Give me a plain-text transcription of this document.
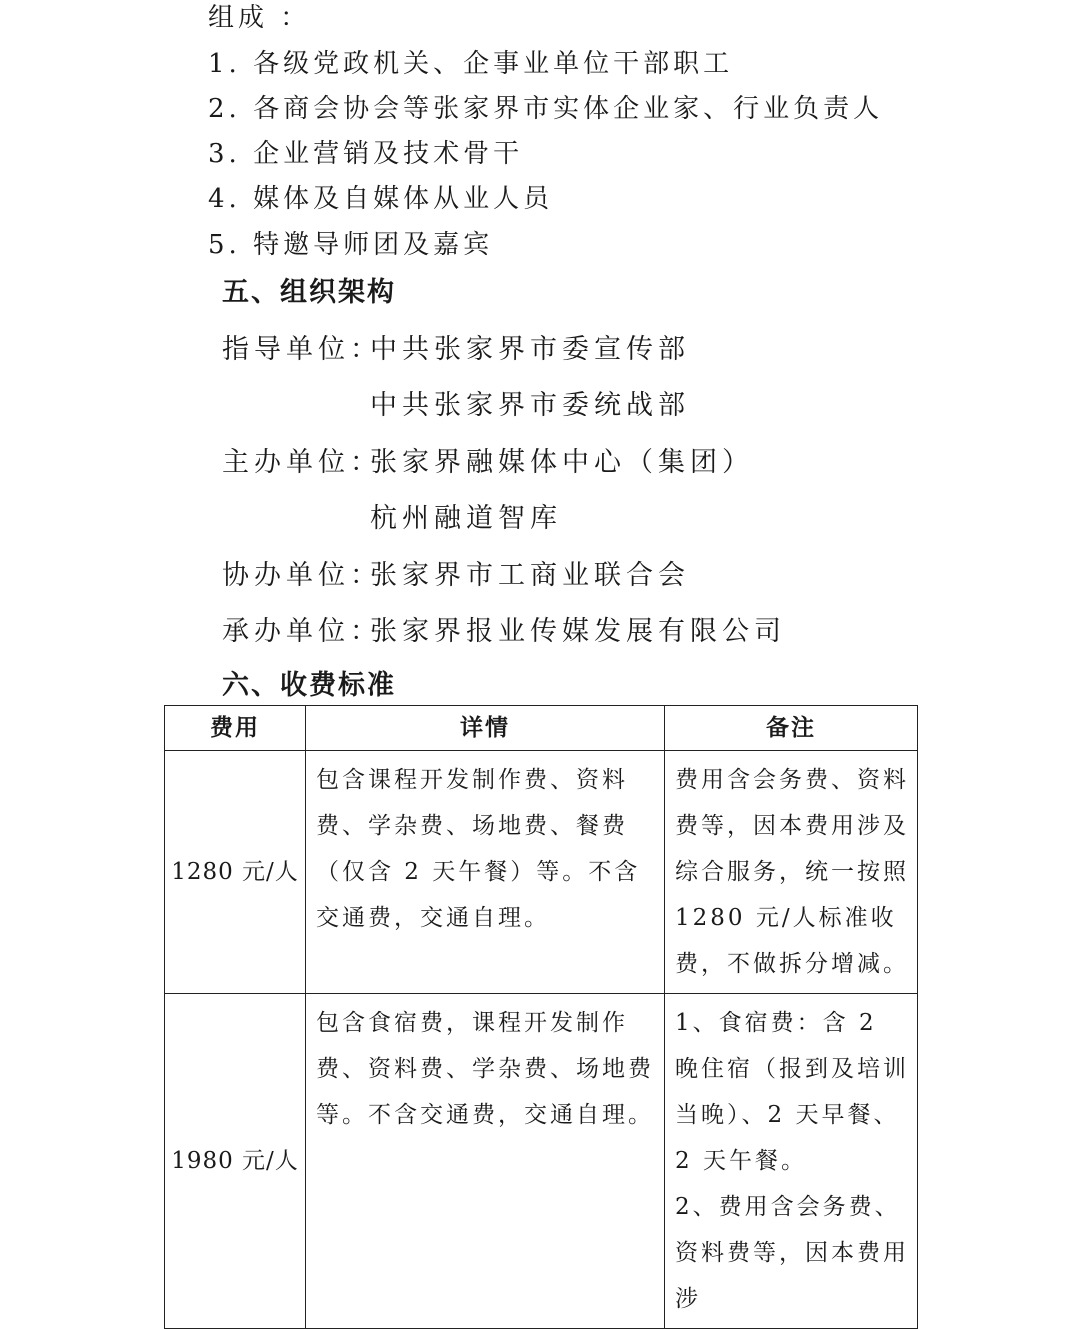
组成 ：
1. 各级党政机关、企事业单位干部职工
2. 各商会协会等张家界市实体企业家、行业负责人
3. 企业营销及技术骨干
4. 媒体及自媒体从业人员
5. 特邀导师团及嘉宾
五、组织架构
指导单位：中共张家界市委宣传部
中共张家界市委统战部
主办单位：张家界融媒体中心（集团）
杭州融道智库
协办单位：张家界市工商业联合会
承办单位：张家界报业传媒发展有限公司
六、收费标准
费用	详情	备注
1280 元/人	包含课程开发制作费、资料费、学杂费、场地费、餐费（仅含 2 天午餐）等。不含交通费，交通自理。	费用含会务费、资料费等，因本费用涉及综合服务，统一按照 1280 元/人标准收费，不做拆分增减。

1980 元/人	包含食宿费，课程开发制作费、资料费、学杂费、场地费等。不含交通费，交通自理。	1、食宿费：含 2 晚住宿（报到及培训当晚）、2 天早餐、2 天午餐。
2、费用含会务费、资料费等，因本费用涉
